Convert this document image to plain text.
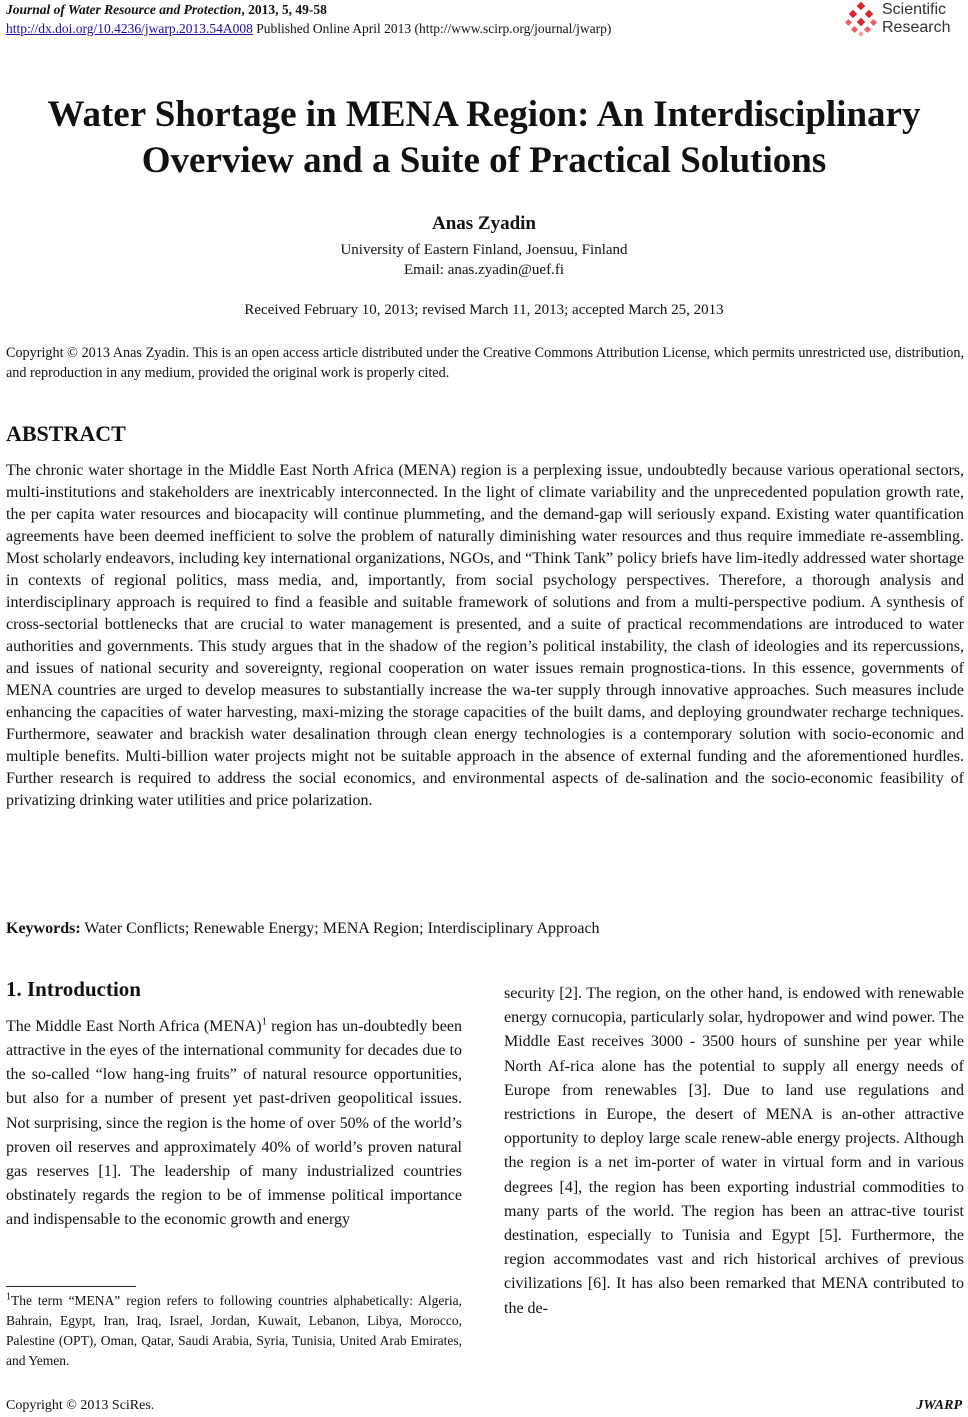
Journal of Water Resource and Protection, 2013, 5, 49-58
http://dx.doi.org/10.4236/jwarp.2013.54A008 Published Online April 2013 (http://www.scirp.org/journal/jwarp)
Scientific
Research
Water Shortage in MENA Region: An Interdisciplinary
Overview and a Suite of Practical Solutions
Anas Zyadin
University of Eastern Finland, Joensuu, Finland
Email: anas.zyadin@uef.fi
Received February 10, 2013; revised March 11, 2013; accepted March 25, 2013
Copyright © 2013 Anas Zyadin. This is an open access article distributed under the Creative Commons Attribution License, which permits unrestricted use, distribution, and reproduction in any medium, provided the original work is properly cited.
ABSTRACT
The chronic water shortage in the Middle East North Africa (MENA) region is a perplexing issue, undoubtedly because various operational sectors, multi-institutions and stakeholders are inextricably interconnected. In the light of climate variability and the unprecedented population growth rate, the per capita water resources and biocapacity will continue plummeting, and the demand-gap will seriously expand. Existing water quantification agreements have been deemed inefficient to solve the problem of naturally diminishing water resources and thus require immediate re-assembling. Most scholarly endeavors, including key international organizations, NGOs, and “Think Tank” policy briefs have lim-itedly addressed water shortage in contexts of regional politics, mass media, and, importantly, from social psychology perspectives. Therefore, a thorough analysis and interdisciplinary approach is required to find a feasible and suitable framework of solutions and from a multi-perspective podium. A synthesis of cross-sectorial bottlenecks that are crucial to water management is presented, and a suite of practical recommendations are introduced to water authorities and governments. This study argues that in the shadow of the region’s political instability, the clash of ideologies and its repercussions, and issues of national security and sovereignty, regional cooperation on water issues remain prognostica-tions. In this essence, governments of MENA countries are urged to develop measures to substantially increase the wa-ter supply through innovative approaches. Such measures include enhancing the capacities of water harvesting, maxi-mizing the storage capacities of the built dams, and deploying groundwater recharge techniques. Furthermore, seawater and brackish water desalination through clean energy technologies is a contemporary solution with socio-economic and multiple benefits. Multi-billion water projects might not be suitable approach in the absence of external funding and the aforementioned hurdles. Further research is required to address the social economics, and environmental aspects of de-salination and the socio-economic feasibility of privatizing drinking water utilities and price polarization.
Keywords: Water Conflicts; Renewable Energy; MENA Region; Interdisciplinary Approach
1. Introduction
The Middle East North Africa (MENA)$^1$ region has un-doubtedly been attractive in the eyes of the international community for decades due to the so-called “low hang-ing fruits” of natural resource opportunities, but also for a number of present yet past-driven geopolitical issues. Not surprising, since the region is the home of over 50% of the world’s proven oil reserves and approximately 40% of world’s proven natural gas reserves [1]. The leadership of many industrialized countries obstinately regards the region to be of immense political importance and indispensable to the economic growth and energy
security [2]. The region, on the other hand, is endowed with renewable energy cornucopia, particularly solar, hydropower and wind power. The Middle East receives 3000 - 3500 hours of sunshine per year while North Af-rica alone has the potential to supply all energy needs of Europe from renewables [3]. Due to land use regulations and restrictions in Europe, the desert of MENA is an-other attractive opportunity to deploy large scale renew-able energy projects. Although the region is a net im-porter of water in virtual form and in various degrees [4], the region has been exporting industrial commodities to many parts of the world. The region has been an attrac-tive tourist destination, especially to Tunisia and Egypt [5]. Furthermore, the region accommodates vast and rich historical archives of previous civilizations [6]. It has also been remarked that MENA contributed to the de-
$^1$The term “MENA” region refers to following countries alphabetically: Algeria, Bahrain, Egypt, Iran, Iraq, Israel, Jordan, Kuwait, Lebanon, Libya, Morocco, Palestine (OPT), Oman, Qatar, Saudi Arabia, Syria, Tunisia, United Arab Emirates, and Yemen.
Copyright © 2013 SciRes.	JWARP
